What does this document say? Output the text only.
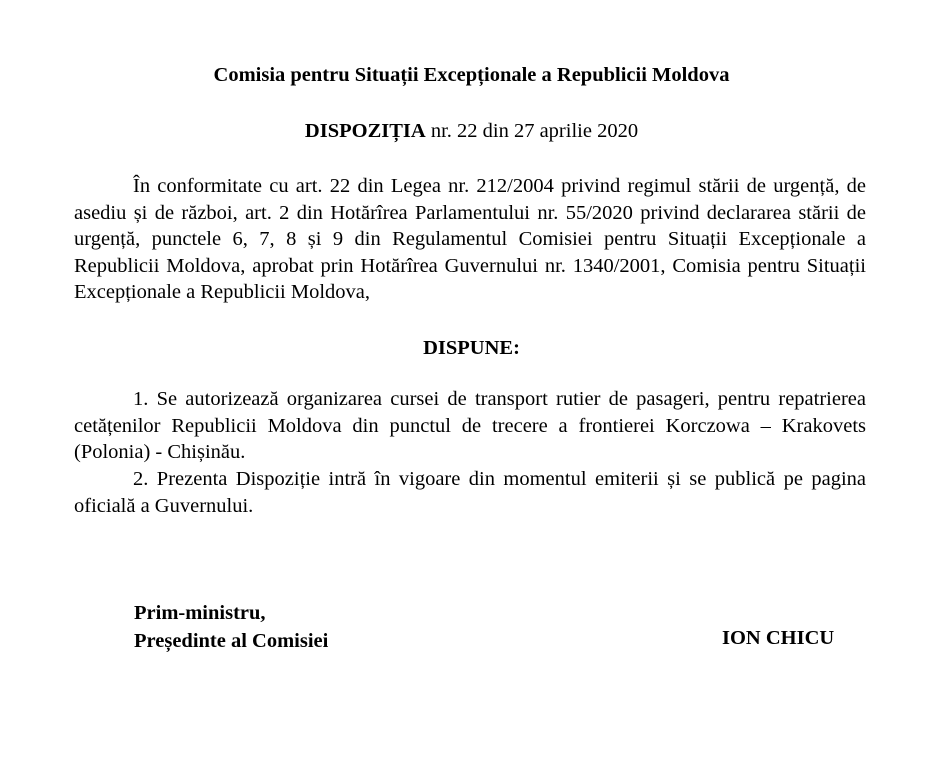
Comisia pentru Situații Excepționale a Republicii Moldova
DISPOZIȚIA nr. 22 din 27 aprilie 2020

În conformitate cu art. 22 din Legea nr. 212/2004 privind regimul stării de urgență, de asediu și de război, art. 2 din Hotărîrea Parlamentului nr. 55/2020 privind declararea stării de urgență, punctele 6, 7, 8 și 9 din Regulamentul Comisiei pentru Situații Excepționale a Republicii Moldova, aprobat prin Hotărîrea Guvernului nr. 1340/2001, Comisia pentru Situații Excepționale a Republicii Moldova,

DISPUNE:

1. Se autorizează organizarea cursei de transport rutier de pasageri, pentru repatrierea cetățenilor Republicii Moldova din punctul de trecere a frontierei Korczowa – Krakovets (Polonia) - Chișinău.

2. Prezenta Dispoziție intră în vigoare din momentul emiterii și se publică pe pagina oficială a Guvernului.

Prim-ministru,
Președinte al Comisiei	ION CHICU
